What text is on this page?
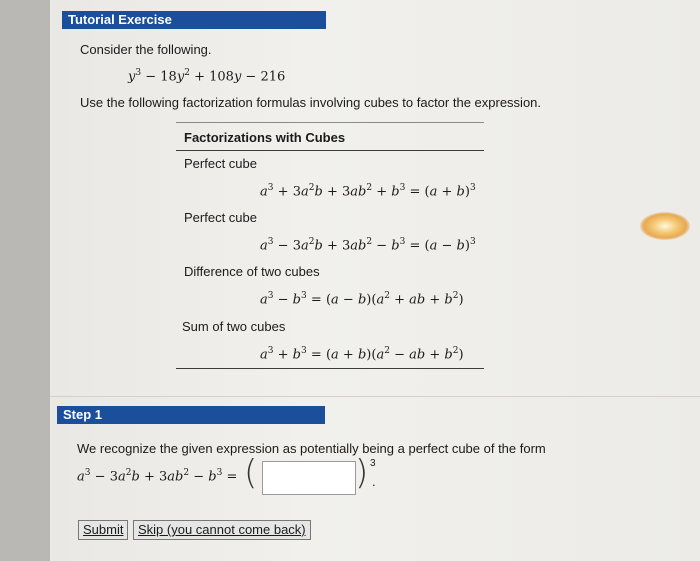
Tutorial Exercise
Consider the following.
$y^3 - 18y^2 + 108y - 216$
Use the following factorization formulas involving cubes to factor the expression.
Factorizations with Cubes
Perfect cube
$a^3 + 3a^2b + 3ab^2 + b^3 = (a + b)^3$
Perfect cube
$a^3 - 3a^2b + 3ab^2 - b^3 = (a - b)^3$
Difference of two cubes
$a^3 - b^3 = (a - b)(a^2$ + ab + $b^2$)
Sum of two cubes
$a^3 + b^3 = (a + b)(a^2$ − ab + $b^2$)
Step 1
We recognize the given expression as potentially being a perfect cube of the form
$a^3 - 3a^2b + 3ab^2 - b^3$ = (	) 3
.
Submit	Skip (you cannot come back)
